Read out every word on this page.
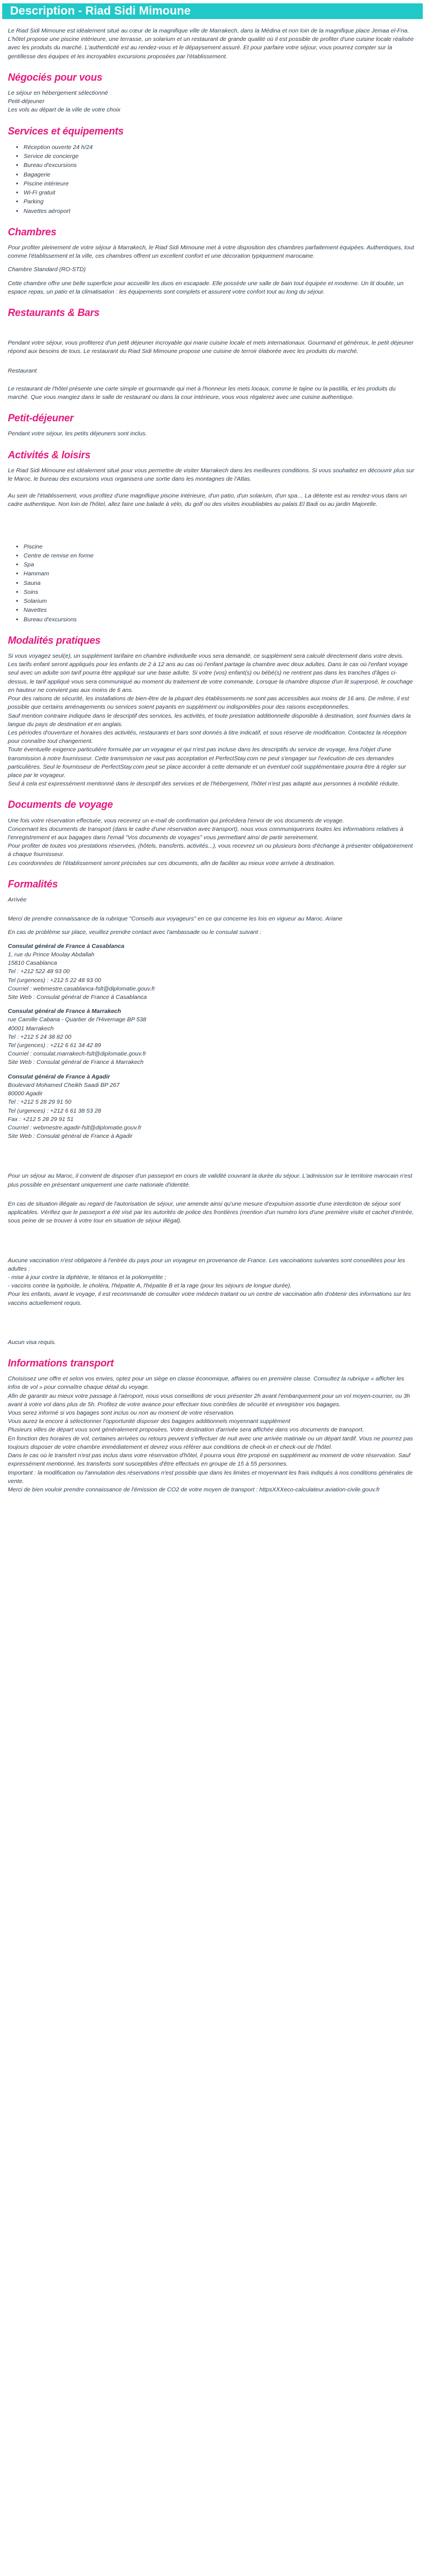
Description - Riad Sidi Mimoune

Le Riad Sidi Mimoune est idéalement situé au cœur de la magnifique ville de Marrakech, dans la Médina et non loin de la magnifique place Jemaa el-Fna. L'hôtel propose une piscine intérieure, une terrasse, un solarium et un restaurant de grande qualité où il est possible de profiter d'une cuisine locale réalisée avec les produits du marché. L'authenticité est au rendez-vous et le dépaysement assuré. Et pour parfaire votre séjour, vous pourrez compter sur la gentillesse des équipes et les incroyables excursions proposées par l'établissement.

Négociés pour vous

Le séjour en hébergement sélectionné
Petit-déjeuner
Les vols au départ de la ville de votre choix

Services et équipements
• Réception ouverte 24 h/24
• Service de concierge
• Bureau d'excursions
• Bagagerie
• Piscine intérieure
• Wi-Fi gratuit
• Parking
• Navettes aéroport
Chambres

Pour profiter pleinement de votre séjour à Marrakech, le Riad Sidi Mimoune met à votre disposition des chambres parfaitement équipées. Authentiques, tout comme l'établissement et la ville, ces chambres offrent un excellent confort et une décoration typiquement marocaine.

Chambre Standard (RO-STD)

Cette chambre offre une belle superficie pour accueillir les duos en escapade. Elle possède une salle de bain tout équipée et moderne. Un lit double, un espace repas, un patio et la climatisation : les équipements sont complets et assurent votre confort tout au long du séjour.

Restaurants & Bars

Pendant votre séjour, vous profiterez d'un petit déjeuner incroyable qui marie cuisine locale et mets internationaux. Gourmand et généreux, le petit déjeuner répond aux besoins de tous. Le restaurant du Riad Sidi Mimoune propose une cuisine de terroir élaborée avec les produits du marché.

Restaurant

Le restaurant de l'hôtel présente une carte simple et gourmande qui met à l'honneur les mets locaux, comme le tajine ou la pastilla, et les produits du marché. Que vous mangiez dans le salle de restaurant ou dans la cour intérieure, vous vous régalerez avec une cuisine authentique.

Petit-déjeuner

Pendant votre séjour, les petits déjeuners sont inclus.

Activités & loisirs

Le Riad Sidi Mimoune est idéalement situé pour vous permettre de visiter Marrakech dans les meilleures conditions. Si vous souhaitez en découvrir plus sur le Maroc, le bureau des excursions vous organisera une sortie dans les montagnes de l'Atlas.

Au sein de l'établissement, vous profitez d'une magnifique piscine intérieure, d'un patio, d'un solarium, d'un spa… La détente est au rendez-vous dans un cadre authentique. Non loin de l'hôtel, allez faire une balade à vélo, du golf ou des visites inoubliables au palais El Badi ou au jardin Majorelle.

• Piscine
• Centre de remise en forme
• Spa
• Hammam
• Sauna
• Soins
• Solarium
• Navettes
• Bureau d'excursions
Modalités pratiques

Si vous voyagez seul(e), un supplément tarifaire en chambre individuelle vous sera demandé, ce supplément sera calculé directement dans votre devis.
Les tarifs enfant seront appliqués pour les enfants de 2 à 12 ans au cas où l'enfant partage la chambre avec deux adultes. Dans le cas où l'enfant voyage seul avec un adulte son tarif pourra être appliqué sur une base adulte. Si votre (vos) enfant(s) ou bébé(s) ne rentrent pas dans les tranches d'âges ci-dessus, le tarif appliqué vous sera communiqué au moment du traitement de votre commande. Lorsque la chambre dispose d'un lit superposé, le couchage en hauteur ne convient pas aux moins de 6 ans.
Pour des raisons de sécurité, les installations de bien-être de la plupart des établissements ne sont pas accessibles aux moins de 16 ans. De même, il est possible que certains aménagements ou services soient payants en supplément ou indisponibles pour des raisons exceptionnelles.
Sauf mention contraire indiquée dans le descriptif des services, les activités, et toute prestation additionnelle disponible à destination, sont fournies dans la langue du pays de destination et en anglais.
Les périodes d'ouverture et horaires des activités, restaurants et bars sont donnés à titre indicatif, et sous réserve de modification. Contactez la réception pour connaître tout changement.
Toute éventuelle exigence particulière formulée par un voyageur et qui n'est pas incluse dans les descriptifs du service de voyage, fera l'objet d'une transmission à notre fournisseur. Cette transmission ne vaut pas acceptation et PerfectStay.com ne peut s'engager sur l'exécution de ces demandes particulières. Seul le fournisseur de PerfectStay.com peut se place accorder à cette demande et un éventuel coût supplémentaire pourra être à régler sur place par le voyageur.
Seul à cela est expressément mentionné dans le descriptif des services et de l'hébergement, l'hôtel n'est pas adapté aux personnes à mobilité réduite.

Documents de voyage

Une fois votre réservation effectuée, vous recevrez un e-mail de confirmation qui précédera l'envoi de vos documents de voyage.
Concernant les documents de transport (dans le cadre d'une réservation avec transport), nous vous communiquerons toutes les informations relatives à l'enregistrement et aux bagages dans l'email "Vos documents de voyages" vous permettant ainsi de partir sereinement.
Pour profiter de toutes vos prestations réservées, (hôtels, transferts, activités...), vous recevrez un ou plusieurs bons d'échange à présenter obligatoirement à chaque fournisseur.
Les coordonnées de l'établissement seront précisées sur ces documents, afin de faciliter au mieux votre arrivée à destination.

Formalités

Arrivée

Merci de prendre connaissance de la rubrique "Conseils aux voyageurs" en ce qui concerne les lois en vigueur au Maroc. Ariane

En cas de problème sur place, veuillez prendre contact avec l'ambassade ou le consulat suivant :

Consulat général de France à Casablanca

1, rue du Prince Moulay Abdallah

15810 Casablanca

Tel : +212 522 48 93 00

Tel (urgences) : +212 5 22 48 93 00

Courriel : webmestre.casablanca-fslt@diplomatie.gouv.fr

Site Web : Consulat général de France à Casablanca

Consulat général de France à Marrakech

rue Camille Cabana - Quartier de l'Hivernage BP 538

40001 Marrakech

Tel : +212 5 24 38 82 00

Tel (urgences) : +212 6 61 34 42 89

Courriel : consulat.marrakech-fslt@diplomatie.gouv.fr

Site Web : Consulat général de France à Marrakech

Consulat général de France à Agadir

Boulevard Mohamed Cheikh Saadi BP 267

80000 Agadir

Tel : +212 5 28 29 91 50

Tel (urgences) : +212 6 61 38 53 28

Fax : +212 5 28 29 91 51

Courriel : webmestre.agadir-fslt@diplomatie.gouv.fr

Site Web : Consulat général de France à Agadir

Pour un séjour au Maroc, il convient de disposer d'un passeport en cours de validité couvrant la durée du séjour. L'admission sur le territoire marocain n'est plus possible en présentant uniquement une carte nationale d'identité.

En cas de situation illégale au regard de l'autorisation de séjour, une amende ainsi qu'une mesure d'expulsion assortie d'une interdiction de séjour sont applicables. Vérifiez que le passeport a été visé par les autorités de police des frontières (mention d'un numéro lors d'une première visite et cachet d'entrée, sous peine de se trouver à votre tour en situation de séjour illégal).

Aucune vaccination n'est obligatoire à l'entrée du pays pour un voyageur en provenance de France. Les vaccinations suivantes sont conseillées pour les adultes :
- mise à jour contre la diphtérie, le tétanos et la poliomyélite ;
- vaccins contre la typhoïde, le choléra, l'hépatite A, l'hépatite B et la rage (pour les séjours de longue durée).
Pour les enfants, avant le voyage, il est recommandé de consulter votre médecin traitant ou un centre de vaccination afin d'obtenir des informations sur les vaccins actuellement requis.

Aucun visa requis.

Informations transport

Choisissez une offre et selon vos envies, optez pour un siège en classe économique, affaires ou en première classe. Consultez la rubrique « afficher les infos de vol » pour connaître chaque détail du voyage.
Afin de garantir au mieux votre passage à l'aéroport, nous vous conseillons de vous présenter 2h avant l'embarquement pour un vol moyen-courrier, ou 3h avant à votre vol dans plus de 5h. Profitez de votre avance pour effectuer tous contrôles de sécurité et enregistrer vos bagages.
Vous serez informé si vos bagages sont inclus ou non au moment de votre réservation.
Vous aurez la encore à sélectionner l'opportunité disposer des bagages additionnels moyennant supplément
Plusieurs villes de départ vous sont généralement proposées. Votre destination d'arrivée sera affichée dans vos documents de transport.
En fonction des horaires de vol, certaines arrivées ou retours peuvent s'effectuer de nuit avec une arrivée matinale ou un départ tardif. Vous ne pourrez pas toujours disposer de votre chambre immédiatement et devrez vous référer aux conditions de check-in et check-out de l'hôtel.
Dans le cas où le transfert n'est pas inclus dans votre réservation d'hôtel, il pourra vous être proposé en supplément au moment de votre réservation. Sauf expressément mentionné, les transferts sont susceptibles d'être effectués en groupe de 15 à 55 personnes.
Important : la modification ou l'annulation des réservations n'est possible que dans les limites et moyennant les frais indiqués à nos conditions générales de vente.
Merci de bien vouloir prendre connaissance de l'émission de CO2 de votre moyen de transport : httpsXXXeco-calculateur.aviation-civile.gouv.fr
